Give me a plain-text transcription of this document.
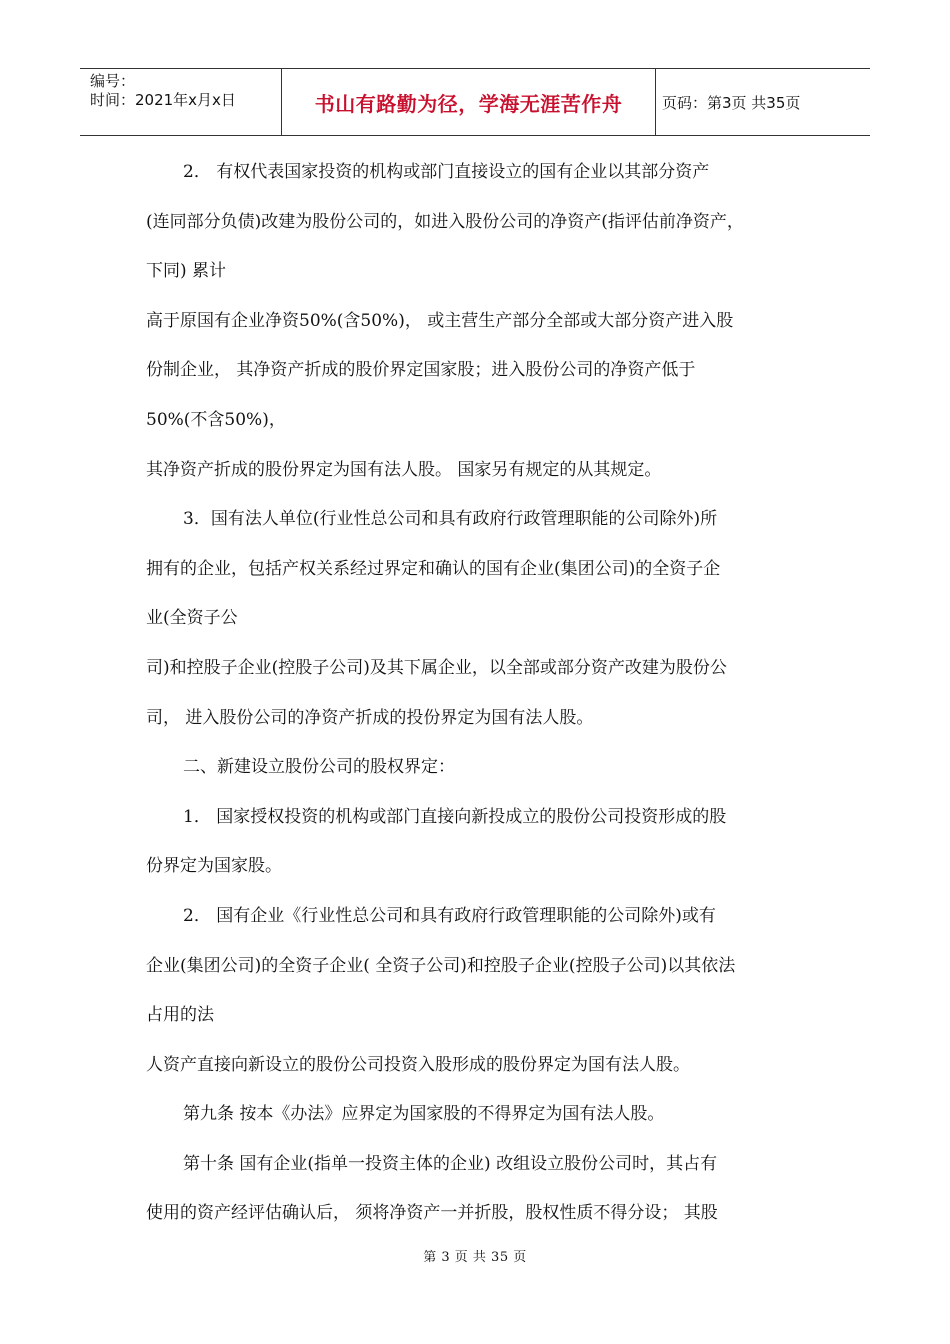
编号：
时间：2021年x月x日	书山有路勤为径，学海无涯苦作舟	页码：第3页 共35页
2． 有权代表国家投资的机构或部门直接设立的国有企业以其部分资产
(连同部分负债)改建为股份公司的，如进入股份公司的净资产(指评估前净资产，
下同) 累计
高于原国有企业净资50%(含50%)， 或主营生产部分全部或大部分资产进入股
份制企业， 其净资产折成的股价界定国家股；进入股份公司的净资产低于
50%(不含50%)，
其净资产折成的股份界定为国有法人股。 国家另有规定的从其规定。
3．国有法人单位(行业性总公司和具有政府行政管理职能的公司除外)所
拥有的企业，包括产权关系经过界定和确认的国有企业(集团公司)的全资子企
业(全资子公
司)和控股子企业(控股子公司)及其下属企业，以全部或部分资产改建为股份公
司， 进入股份公司的净资产折成的投份界定为国有法人股。
二、新建设立股份公司的股权界定：
1． 国家授权投资的机构或部门直接向新投成立的股份公司投资形成的股
份界定为国家股。
2． 国有企业《行业性总公司和具有政府行政管理职能的公司除外)或有
企业(集团公司)的全资子企业( 全资子公司)和控股子企业(控股子公司)以其依法
占用的法
人资产直接向新设立的股份公司投资入股形成的股份界定为国有法人股。
第九条 按本《办法》应界定为国家股的不得界定为国有法人股。
第十条 国有企业(指单一投资主体的企业) 改组设立股份公司时，其占有
使用的资产经评估确认后， 须将净资产一并折股，股权性质不得分设； 其股
第 3 页 共 35 页
